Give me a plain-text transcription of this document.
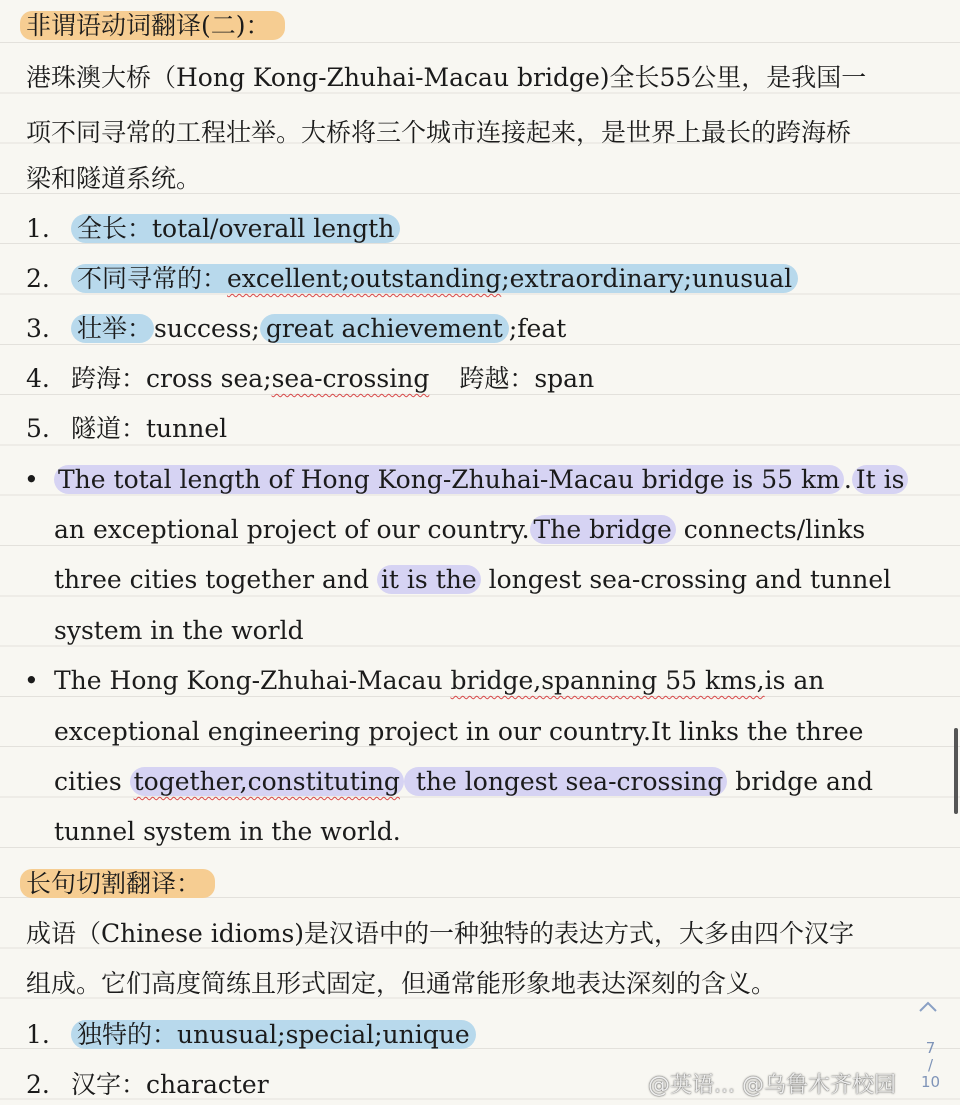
非谓语动词翻译(二)：
港珠澳大桥（Hong Kong-Zhuhai-Macau bridge)全长55公里，是我国一
项不同寻常的工程壮举。大桥将三个城市连接起来，是世界上最长的跨海桥
梁和隧道系统。
1. 全长：total/overall length
2. 不同寻常的：excellent;outstanding;extraordinary;unusual
3. 壮举：success; great achievement ;feat
4. 跨海：cross sea;sea-crossing 跨越：span
5. 隧道：tunnel
• The total length of Hong Kong-Zhuhai-Macau bridge is 55 km . It is
an exceptional project of our country. The bridge connects/links
three cities together and it is the longest sea-crossing and tunnel
system in the world
• The Hong Kong-Zhuhai-Macau bridge,spanning 55 kms,is an
exceptional engineering project in our country.It links the three
cities together,constituting the longest sea-crossing bridge and
tunnel system in the world.
长句切割翻译：
成语（Chinese idioms)是汉语中的一种独特的表达方式，大多由四个汉字
组成。它们高度简练且形式固定，但通常能形象地表达深刻的含义。
1. 独特的：unusual;special;unique
2. 汉字：character
7
/
10
@英语... @乌鲁木齐校园
